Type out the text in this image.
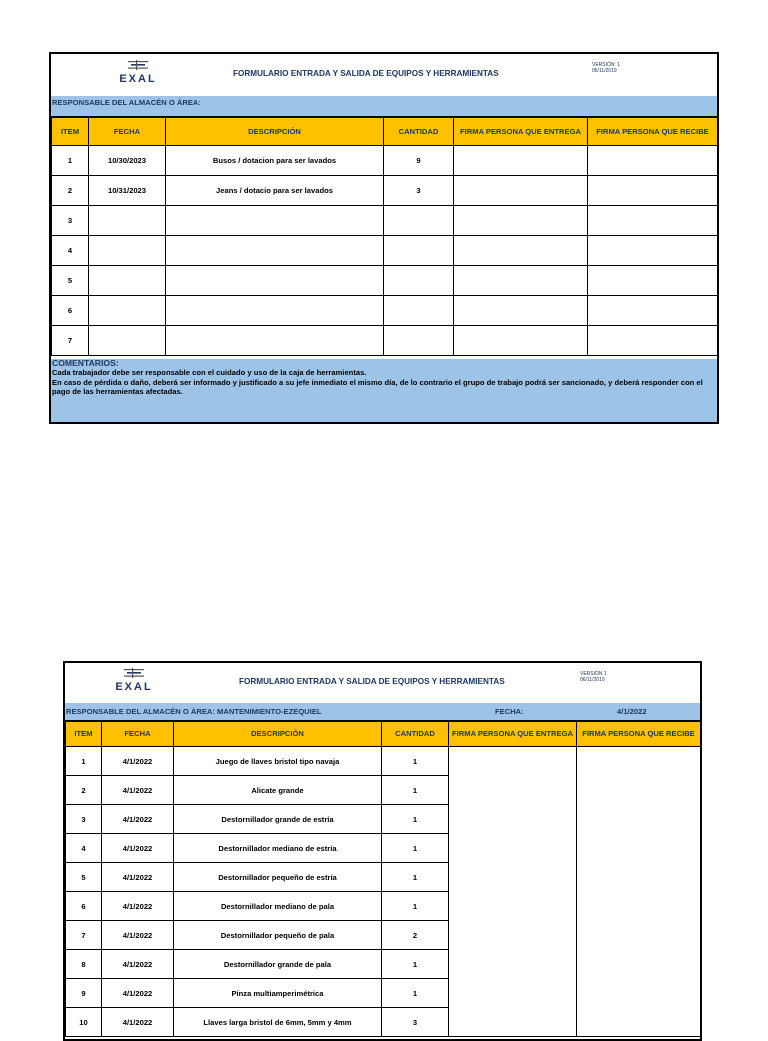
EXAL	FORMULARIO ENTRADA Y SALIDA DE EQUIPOS Y HERRAMIENTAS
VERSIÓN: 1
06/11/2019
RESPONSABLE DEL ALMACÉN O ÁREA:
ITEM	FECHA	DESCRIPCIÓN	CANTIDAD	FIRMA PERSONA QUE ENTREGA	FIRMA PERSONA QUE RECIBE
1	10/30/2023	Busos / dotacion para ser lavados	9		
2	10/31/2023	Jeans / dotacio para ser lavados	3		
3					
4					
5					
6					
7					
COMENTARIOS:
Cada trabajador debe ser responsable con el cuidado y uso de la caja de herramientas.
En caso de pérdida o daño, deberá ser informado y justificado a su jefe inmediato el mismo día, de lo contrario el grupo de trabajo podrá ser sancionado, y deberá responder con el pago de las herramientas afectadas.
EXAL	FORMULARIO ENTRADA Y SALIDA DE EQUIPOS Y HERRAMIENTAS
VERSIÓN 1
06/11/2019
RESPONSABLE DEL ALMACÉN O ÁREA: MANTENIMIENTO-EZEQUIEL	FECHA:	4/1/2022
ITEM	FECHA	DESCRIPCIÓN	CANTIDAD	FIRMA PERSONA QUE ENTREGA	FIRMA PERSONA QUE RECIBE
1	4/1/2022	Juego de llaves bristol tipo navaja	1		
2	4/1/2022	Alicate grande	1		
3	4/1/2022	Destornillador grande de estría	1		
4	4/1/2022	Destornillador mediano de estría	1		
5	4/1/2022	Destornillador pequeño de estría	1		
6	4/1/2022	Destornillador mediano de pala	1		
7	4/1/2022	Destornillador pequeño de pala	2		
8	4/1/2022	Destornillador grande de pala	1		
9	4/1/2022	Pinza multiamperimétrica	1		
10	4/1/2022	Llaves larga bristol de 6mm, 5mm y 4mm	3		
